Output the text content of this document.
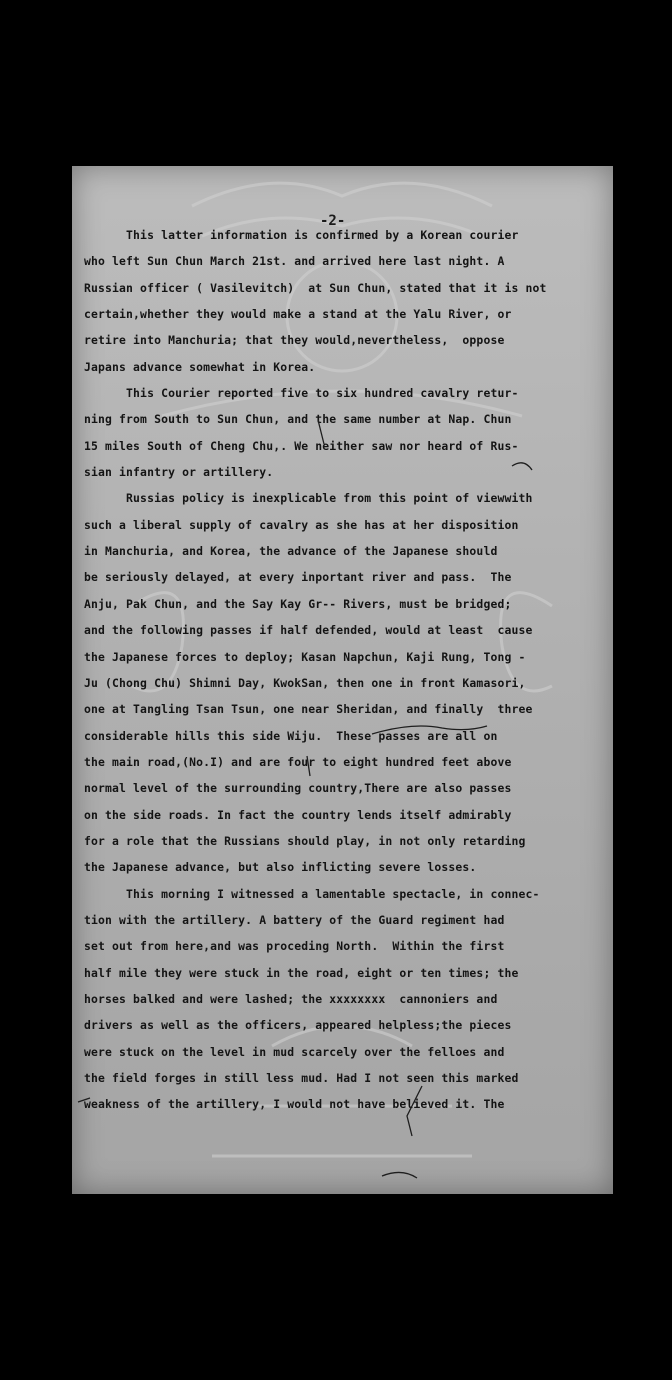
-2-
This latter information is confirmed by a Korean courier
who left Sun Chun March 21st. and arrived here last night. A
Russian officer ( Vasilevitch)  at Sun Chun, stated that it is not
certain,whether they would make a stand at the Yalu River, or
retire into Manchuria; that they would,nevertheless,  oppose
Japans advance somewhat in Korea.
This Courier reported five to six hundred cavalry retur-
ning from South to Sun Chun, and the same number at Nap. Chun
15 miles South of Cheng Chu,. We neither saw nor heard of Rus-
sian infantry or artillery.
Russias policy is inexplicable from this point of viewwith
such a liberal supply of cavalry as she has at her disposition
in Manchuria, and Korea, the advance of the Japanese should
be seriously delayed, at every inportant river and pass.  The
Anju, Pak Chun, and the Say Kay Gr-- Rivers, must be bridged;
and the following passes if half defended, would at least  cause
the Japanese forces to deploy; Kasan Napchun, Kaji Rung, Tong -
Ju (Chong Chu) Shimni Day, KwokSan, then one in front Kamasori,
one at Tangling Tsan Tsun, one near Sheridan, and finally  three
considerable hills this side Wiju.  These passes are all on
the main road,(No.I) and are four to eight hundred feet above
normal level of the surrounding country,There are also passes
on the side roads. In fact the country lends itself admirably
for a role that the Russians should play, in not only retarding
the Japanese advance, but also inflicting severe losses.
This morning I witnessed a lamentable spectacle, in connec-
tion with the artillery. A battery of the Guard regiment had
set out from here,and was proceding North.  Within the first
half mile they were stuck in the road, eight or ten times; the
horses balked and were lashed; the xxxxxxxx  cannoniers and
drivers as well as the officers, appeared helpless;the pieces
were stuck on the level in mud scarcely over the felloes and
the field forges in still less mud. Had I not seen this marked
weakness of the artillery, I would not have believed it. The
